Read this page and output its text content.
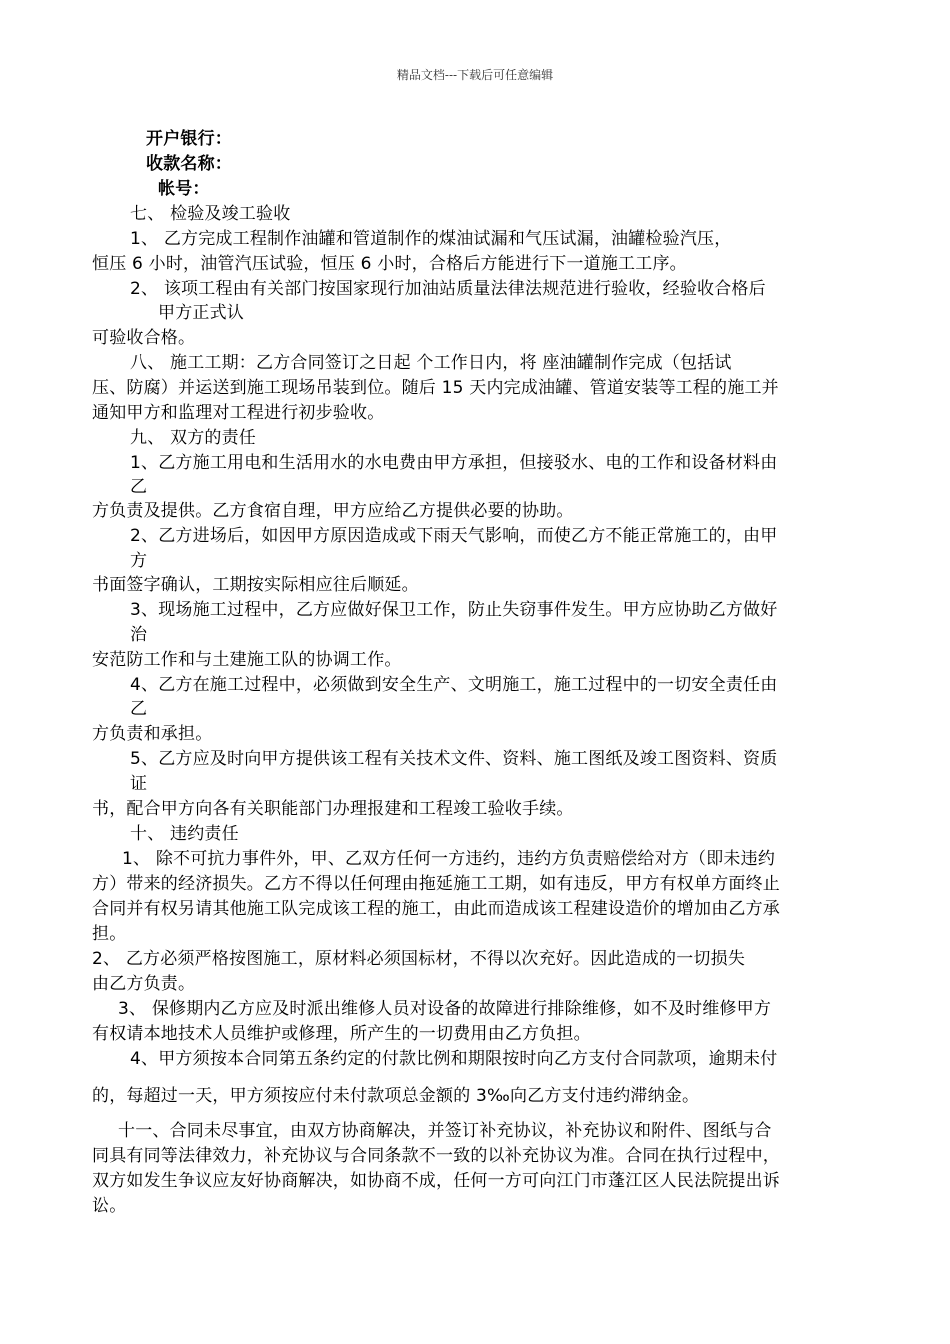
精品文档---下载后可任意编辑
开户银行：
收款名称：
帐号：
七、 检验及竣工验收
1、 乙方完成工程制作油罐和管道制作的煤油试漏和气压试漏，油罐检验汽压，
恒压 6 小时，油管汽压试验，恒压 6 小时，合格后方能进行下一道施工工序。
2、 该项工程由有关部门按国家现行加油站质量法律法规范进行验收，经验收合格后
甲方正式认
可验收合格。
八、 施工工期：乙方合同签订之日起 个工作日内，将 座油罐制作完成（包括试
压、防腐）并运送到施工现场吊装到位。随后 15 天内完成油罐、管道安装等工程的施工并
通知甲方和监理对工程进行初步验收。
九、 双方的责任
1、乙方施工用电和生活用水的水电费由甲方承担，但接驳水、电的工作和设备材料由
乙
方负责及提供。乙方食宿自理，甲方应给乙方提供必要的协助。
2、乙方进场后，如因甲方原因造成或下雨天气影响，而使乙方不能正常施工的，由甲
方
书面签字确认，工期按实际相应往后顺延。
3、现场施工过程中，乙方应做好保卫工作，防止失窃事件发生。甲方应协助乙方做好
治
安范防工作和与土建施工队的协调工作。
4、乙方在施工过程中，必须做到安全生产、文明施工，施工过程中的一切安全责任由
乙
方负责和承担。
5、乙方应及时向甲方提供该工程有关技术文件、资料、施工图纸及竣工图资料、资质
证
书，配合甲方向各有关职能部门办理报建和工程竣工验收手续。
十、 违约责任
1、 除不可抗力事件外，甲、乙双方任何一方违约，违约方负责赔偿给对方（即未违约
方）带来的经济损失。乙方不得以任何理由拖延施工工期，如有违反，甲方有权单方面终止
合同并有权另请其他施工队完成该工程的施工，由此而造成该工程建设造价的增加由乙方承
担。
2、 乙方必须严格按图施工，原材料必须国标材，不得以次充好。因此造成的一切损失
由乙方负责。
3、 保修期内乙方应及时派出维修人员对设备的故障进行排除维修，如不及时维修甲方
有权请本地技术人员维护或修理，所产生的一切费用由乙方负担。
4、甲方须按本合同第五条约定的付款比例和期限按时向乙方支付合同款项，逾期未付
的，每超过一天，甲方须按应付未付款项总金额的 3‰向乙方支付违约滞纳金。
十一、合同未尽事宜，由双方协商解决，并签订补充协议，补充协议和附件、图纸与合
同具有同等法律效力，补充协议与合同条款不一致的以补充协议为准。合同在执行过程中，
双方如发生争议应友好协商解决，如协商不成，任何一方可向江门市蓬江区人民法院提出诉
讼。
